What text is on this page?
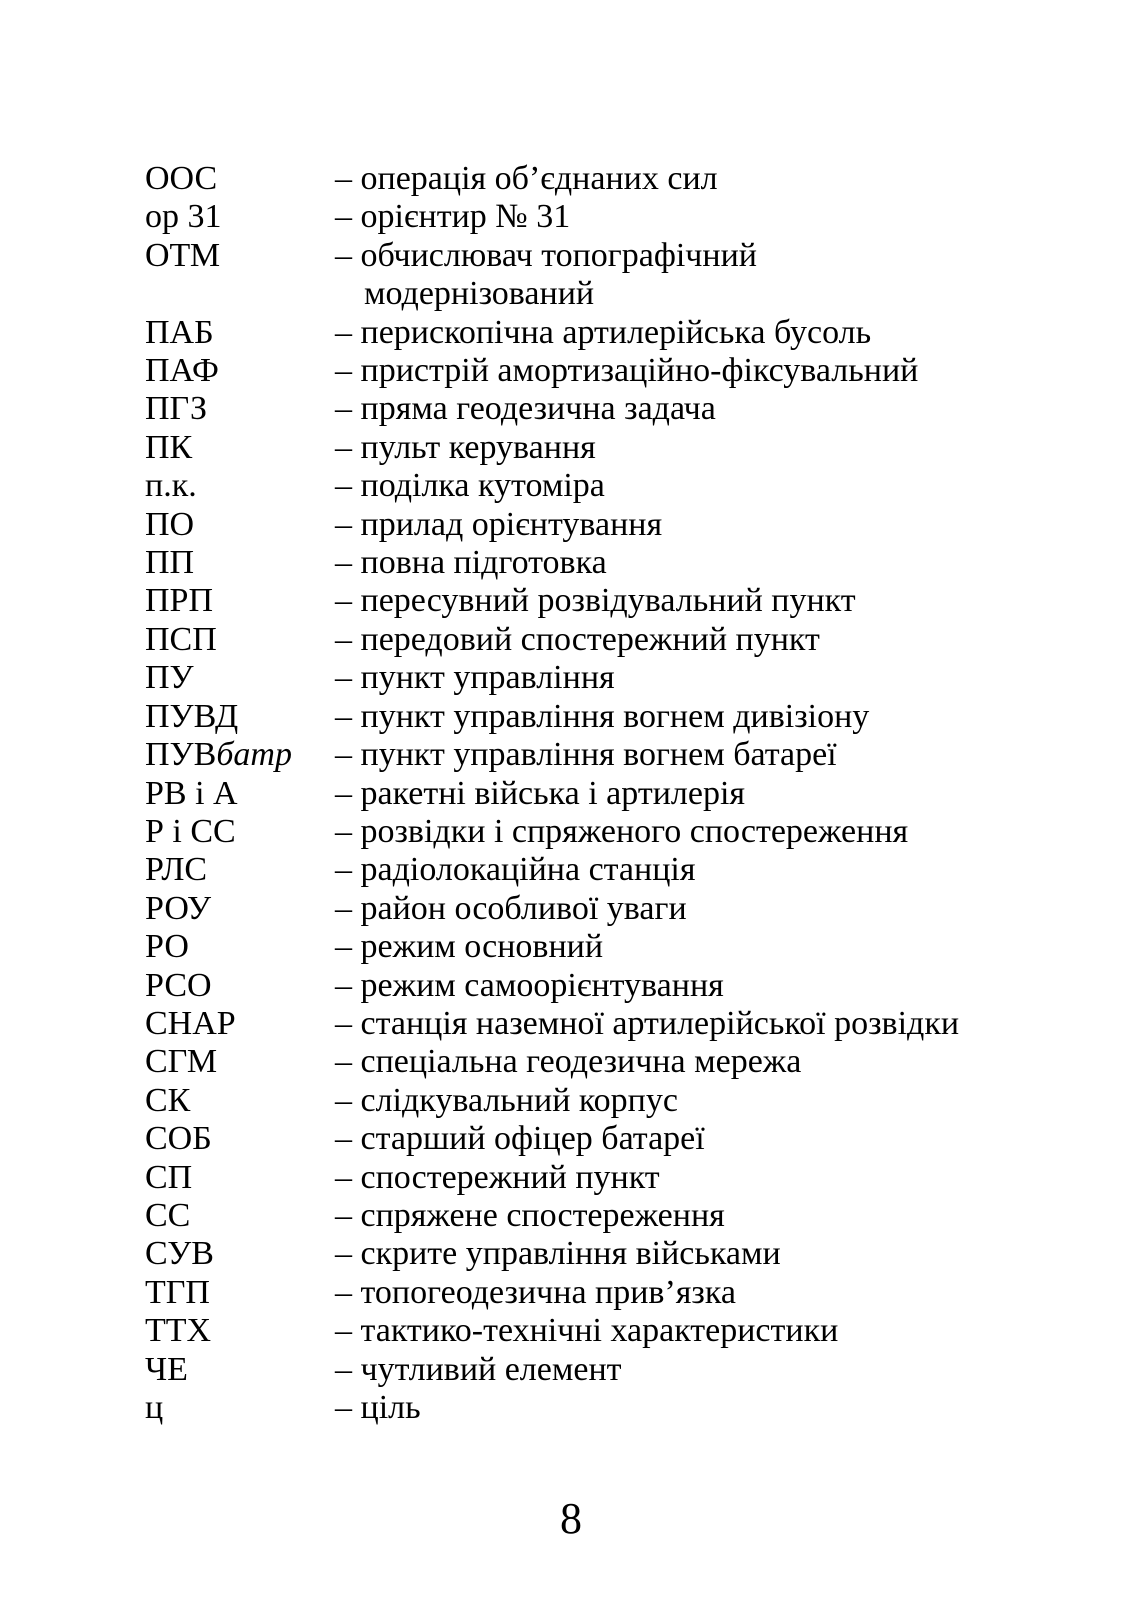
ООС	– операція об’єднаних сил
ор 31	– орієнтир № 31
ОТМ	– обчислювач топографічний
модернізований
ПАБ	– перископічна артилерійська бусоль
ПАФ	– пристрій амортизаційно-фіксувальний
ПГЗ	– пряма геодезична задача
ПК	– пульт керування
п.к.	– поділка кутоміра
ПО	– прилад орієнтування
ПП	– повна підготовка
ПРП	– пересувний розвідувальний пункт
ПСП	– передовий спостережний пункт
ПУ	– пункт управління
ПУВД	– пункт управління вогнем дивізіону
ПУВбатр	– пункт управління вогнем батареї
РВ і А	– ракетні війська і артилерія
Р і СС	– розвідки і спряженого спостереження
РЛС	– радіолокаційна станція
РОУ	– район особливої уваги
РО	– режим основний
РСО	– режим самоорієнтування
СНАР	– станція наземної артилерійської розвідки
СГМ	– спеціальна геодезична мережа
СК	– слідкувальний корпус
СОБ	– старший офіцер батареї
СП	– спостережний пункт
СС	– спряжене спостереження
СУВ	– скрите управління військами
ТГП	– топогеодезична прив’язка
ТТХ	– тактико-технічні характеристики
ЧЕ	– чутливий елемент
ц	– ціль
8
